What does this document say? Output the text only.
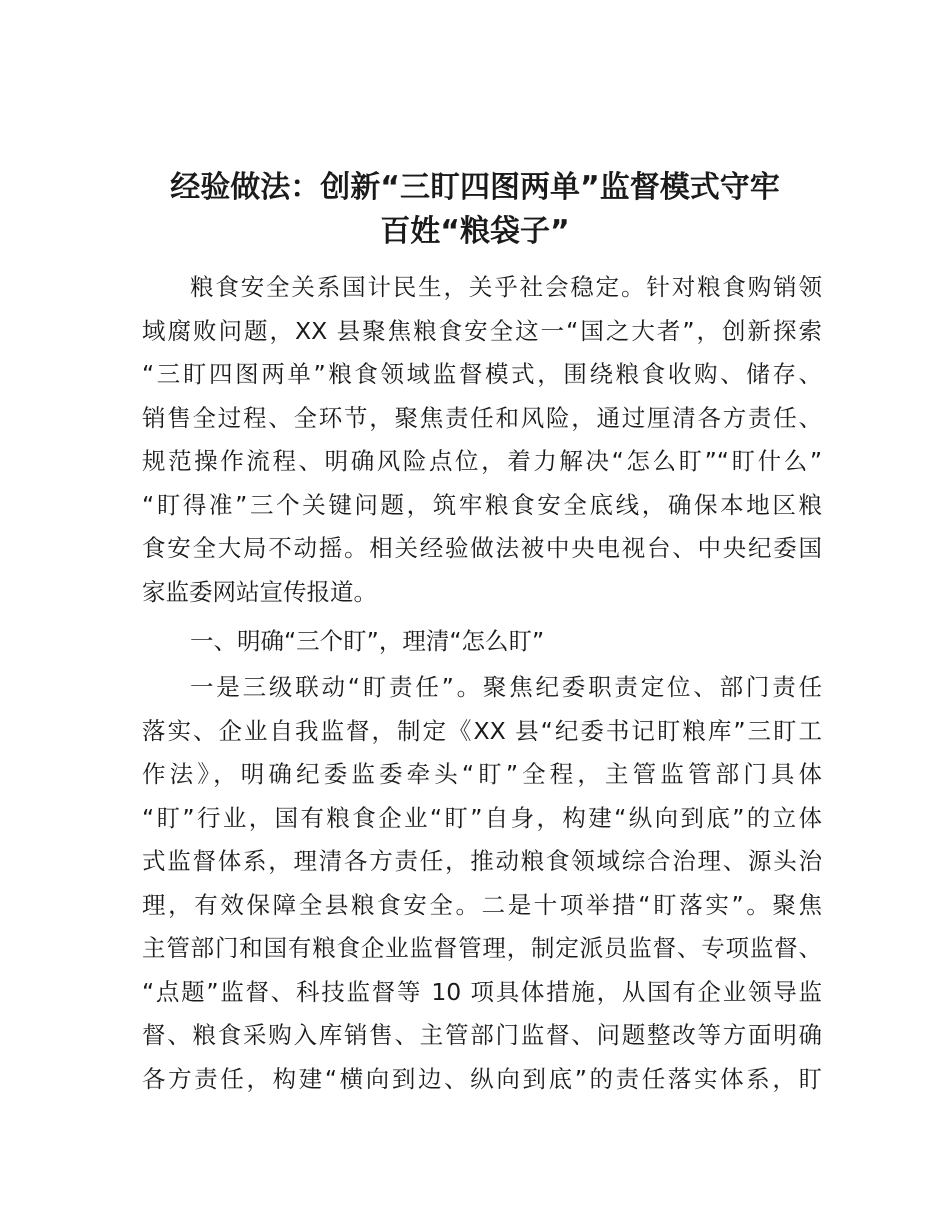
经验做法：创新“三盯四图两单”监督模式守牢
百姓“粮袋子”
粮食安全关系国计民生，关乎社会稳定。针对粮食购销领
域腐败问题，XX 县聚焦粮食安全这一“国之大者”，创新探索
“三盯四图两单”粮食领域监督模式，围绕粮食收购、储存、
销售全过程、全环节，聚焦责任和风险，通过厘清各方责任、
规范操作流程、明确风险点位，着力解决“怎么盯”“盯什么”
“盯得准”三个关键问题，筑牢粮食安全底线，确保本地区粮
食安全大局不动摇。相关经验做法被中央电视台、中央纪委国
家监委网站宣传报道。
一、明确“三个盯”，理清“怎么盯”
一是三级联动“盯责任”。聚焦纪委职责定位、部门责任
落实、企业自我监督，制定《XX 县“纪委书记盯粮库”三盯工
作法》，明确纪委监委牵头“盯”全程，主管监管部门具体
“盯”行业，国有粮食企业“盯”自身，构建“纵向到底”的立体
式监督体系，理清各方责任，推动粮食领域综合治理、源头治
理，有效保障全县粮食安全。二是十项举措“盯落实”。聚焦
主管部门和国有粮食企业监督管理，制定派员监督、专项监督、
“点题”监督、科技监督等 10 项具体措施，从国有企业领导监
督、粮食采购入库销售、主管部门监督、问题整改等方面明确
各方责任，构建“横向到边、纵向到底”的责任落实体系，盯
